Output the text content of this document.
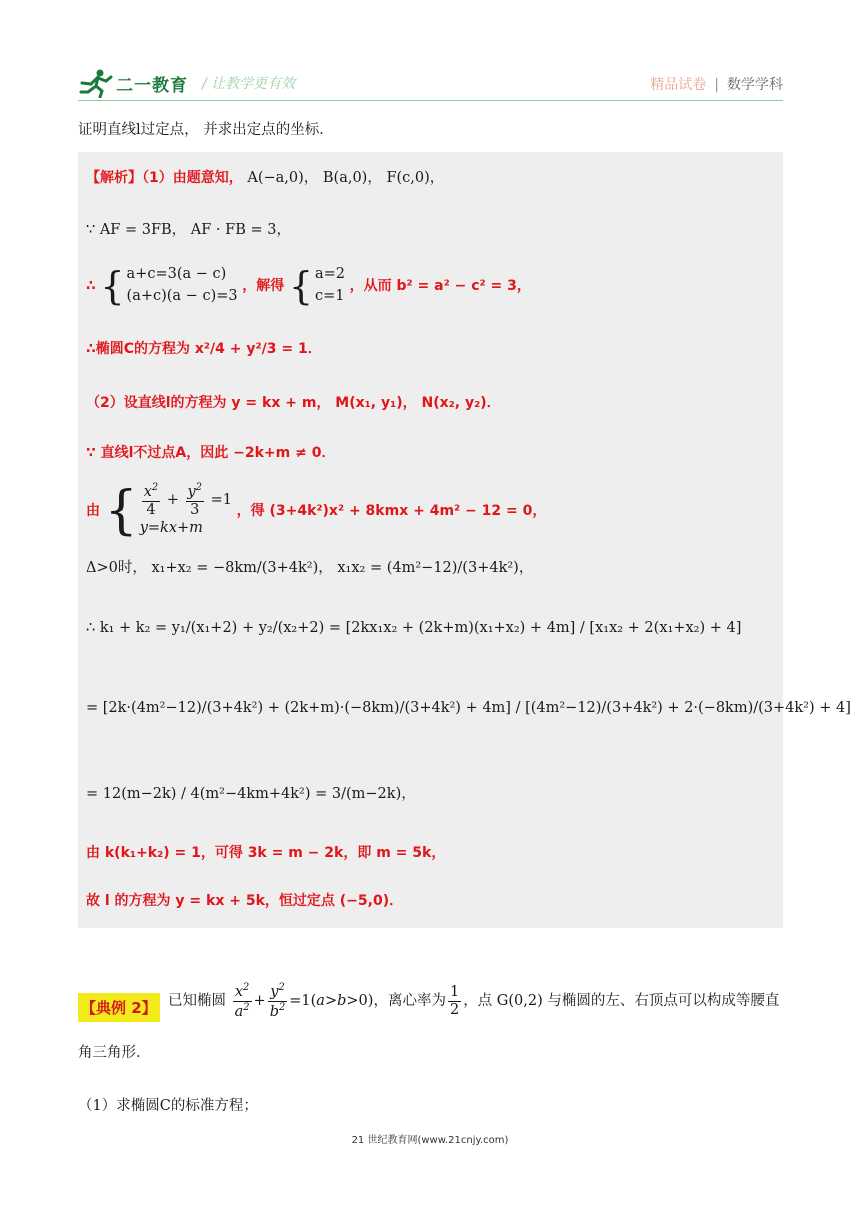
二一教育 / 让教学更有效	精品试卷 | 数学学科
证明直线l过定点， 并求出定点的坐标．
【解析】（1）由题意知， A(−a,0)， B(a,0)， F(c,0)，
∵ AF = 3FB， AF · FB = 3，
∴ { a+c=3(a − c)
(a+c)(a − c)=3
，解得 { a=2
c=1
，从而 b² = a² − c² = 3，
∴椭圆C的方程为 x²/4 + y²/3 = 1．
（2）设直线l的方程为 y = kx + m， M(x₁, y₁)， N(x₂, y₂)．
∵ 直线l不过点A，因此 −2k+m ≠ 0．
由 { $\frac{x^2}{4} + \frac{y^2}{3} =1$
y=kx+m
，得 (3+4k²)x² + 8kmx + 4m² − 12 = 0，
Δ>0时， x₁+x₂ = −8km/(3+4k²)， x₁x₂ = (4m²−12)/(3+4k²)，
∴ k₁ + k₂ = y₁/(x₁+2) + y₂/(x₂+2) = [2kx₁x₂ + (2k+m)(x₁+x₂) + 4m] / [x₁x₂ + 2(x₁+x₂) + 4]
= [2k·(4m²−12)/(3+4k²) + (2k+m)·(−8km)/(3+4k²) + 4m] / [(4m²−12)/(3+4k²) + 2·(−8km)/(3+4k²) + 4]
= 12(m−2k) / 4(m²−4km+4k²) = 3/(m−2k)，
由 k(k₁+k₂) = 1，可得 3k = m − 2k，即 m = 5k，
故 l 的方程为 y = kx + 5k，恒过定点 (−5,0)．
【典例 2】 已知椭圆 $\frac{x^2}{a^2} + \frac{y^2}{b^2} =1(a>b>0)$，离心率为 $\frac{1}{2}$ ，点 G(0,2) 与椭圆的左、右顶点可以构成等腰直
角三角形．
（1）求椭圆C的标准方程；
21 世纪教育网(www.21cnjy.com)
